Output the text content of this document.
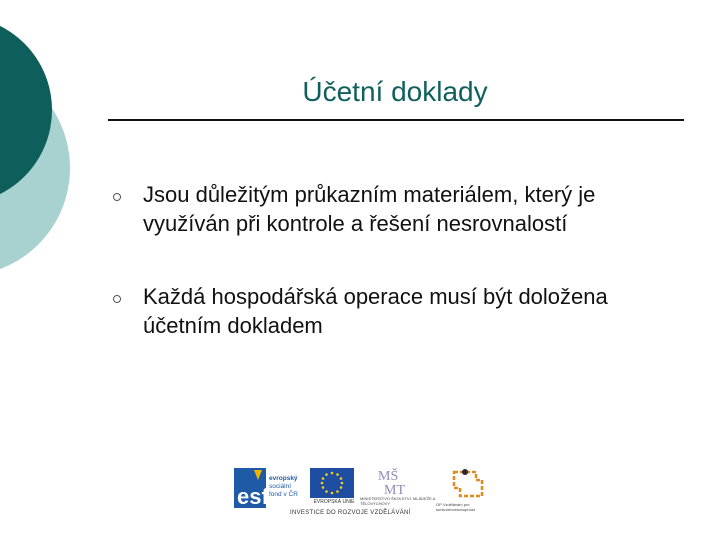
Účetní doklady
Jsou důležitým průkazním materiálem, který je využíván při kontrole a řešení nesrovnalostí
Každá hospodářská operace musí být doložena účetním dokladem
esf
evropský
sociální
fond v ČR
EVROPSKÁ UNIE
MŠ
MT
MINISTERSTVO ŠKOLSTVÍ, MLÁDEŽE A TĚLOVÝCHOVY	OP Vzdělávání pro konkurenceschopnost
INVESTICE DO ROZVOJE VZDĚLÁVÁNÍ
